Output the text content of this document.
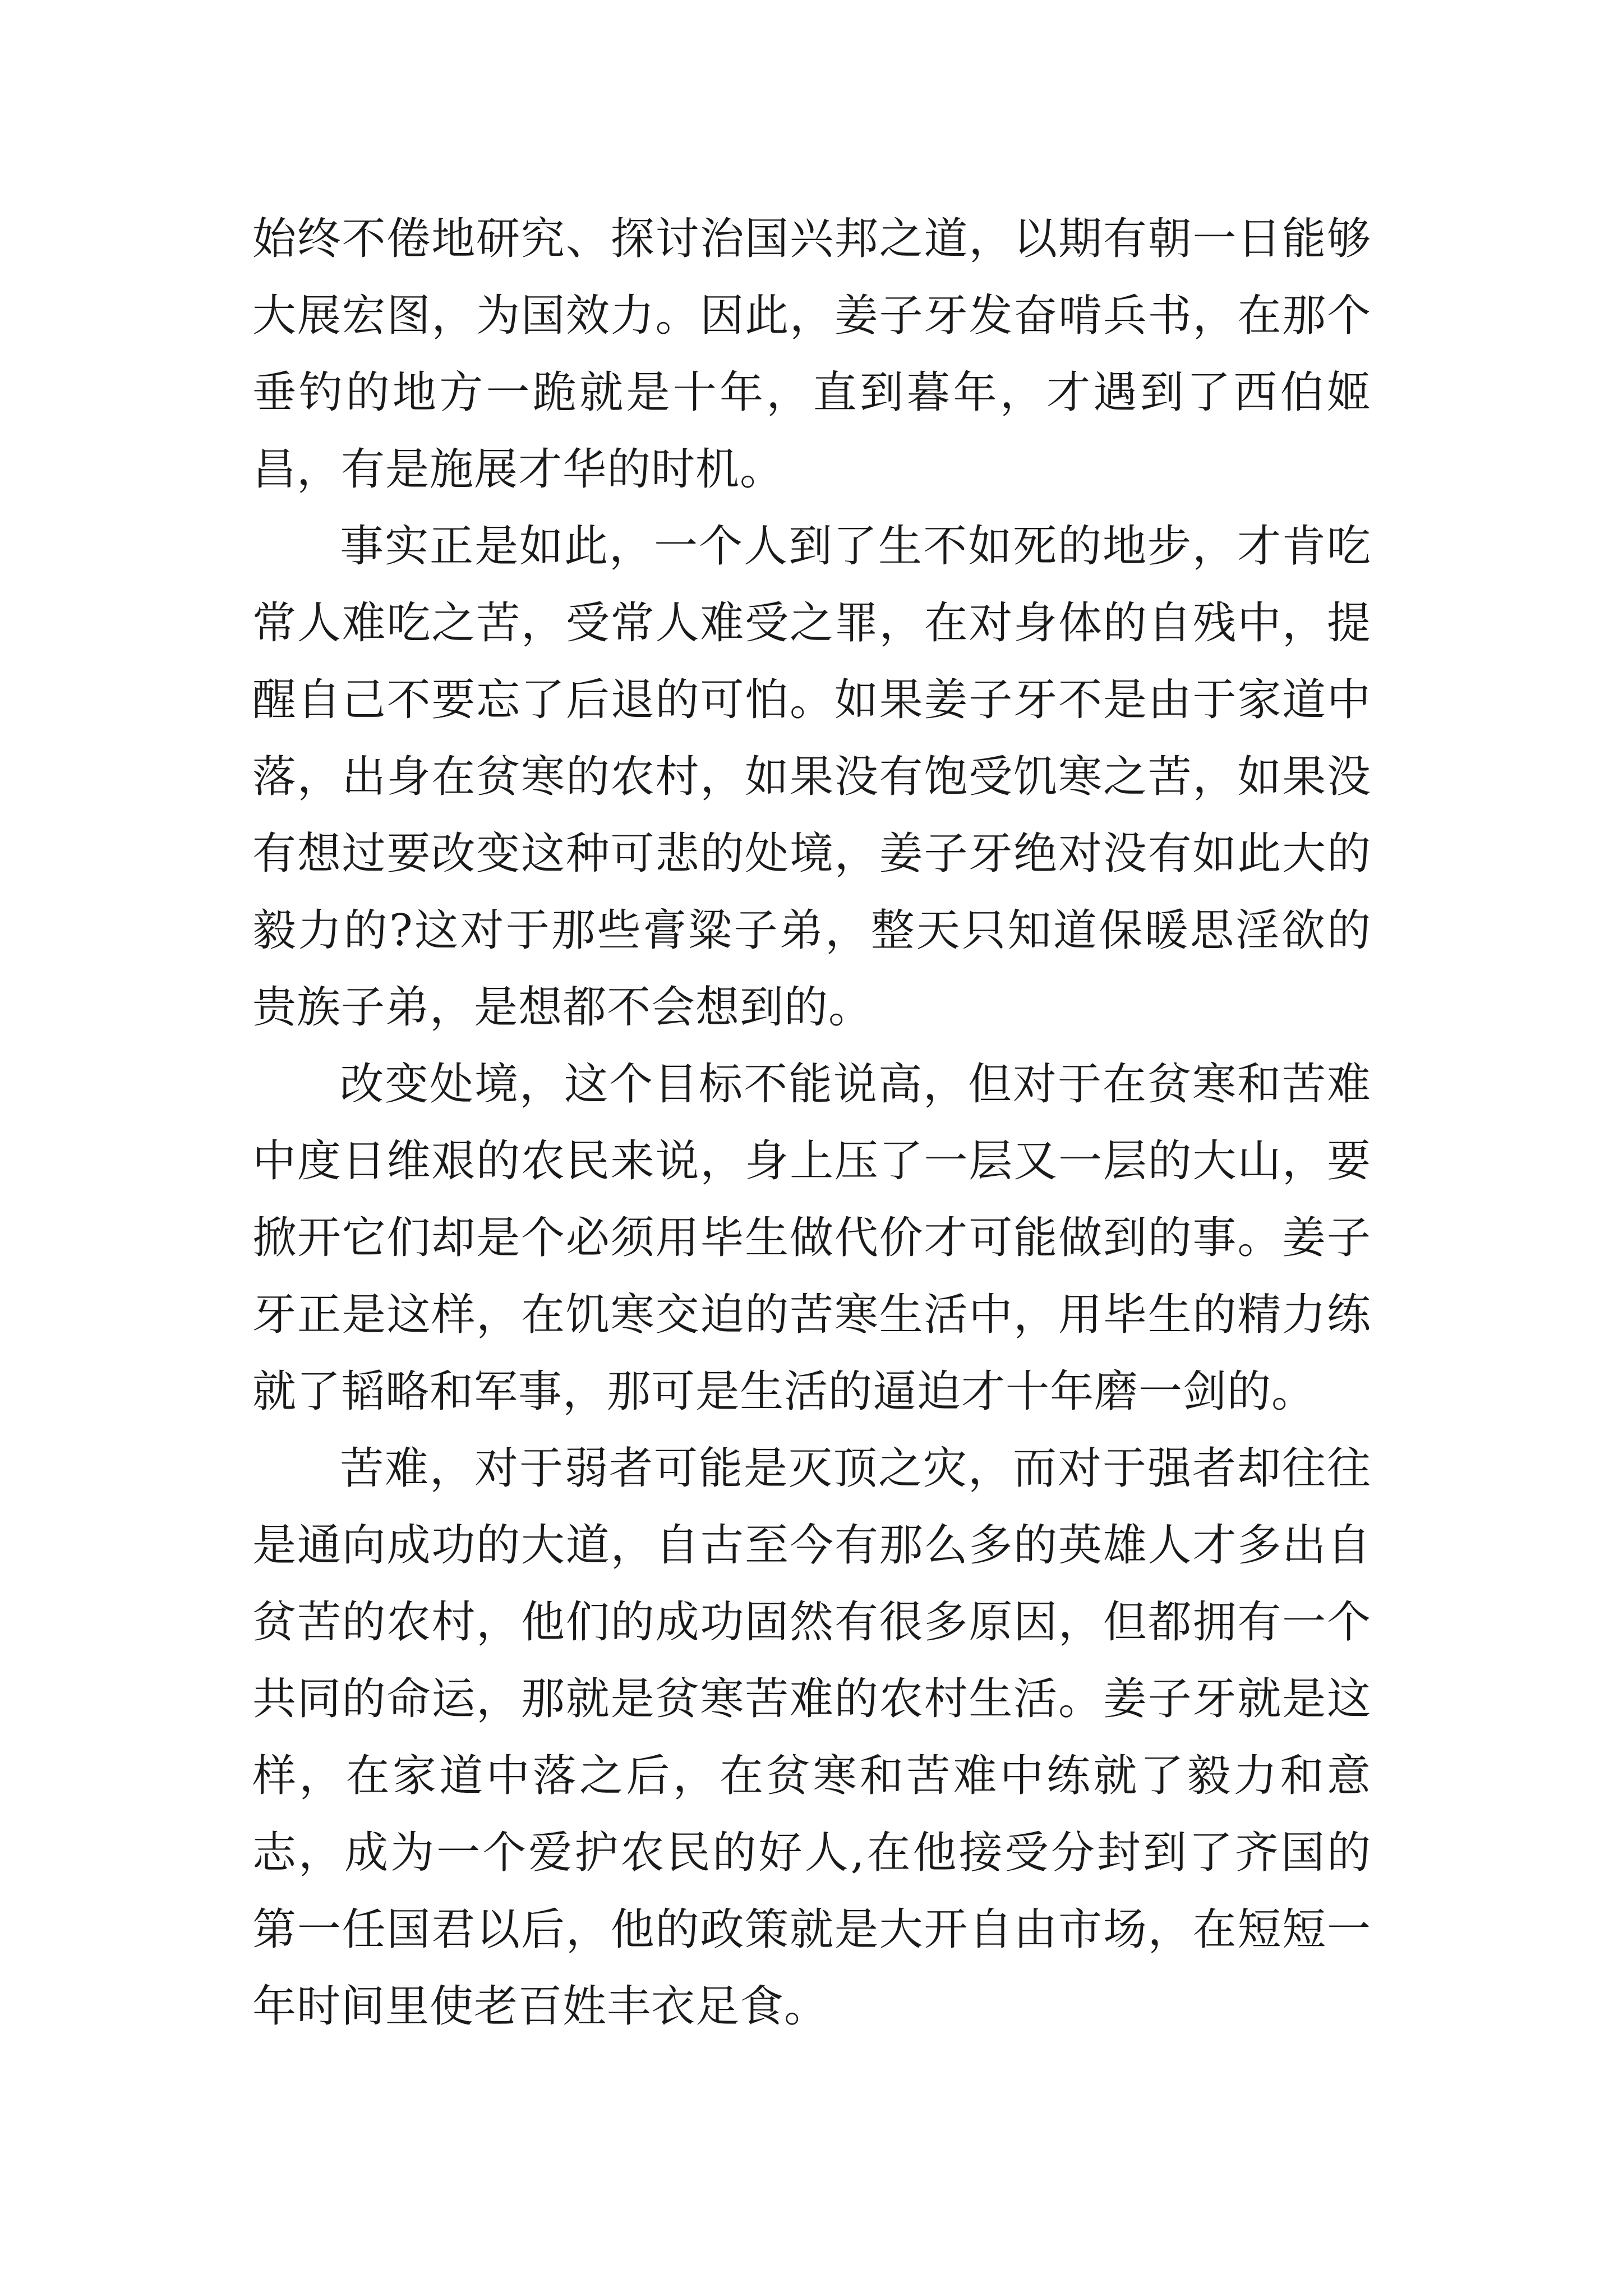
始终不倦地研究、探讨治国兴邦之道，以期有朝一日能够大展宏图，为国效力。因此，姜子牙发奋啃兵书，在那个垂钓的地方一跪就是十年，直到暮年，才遇到了西伯姬昌，有是施展才华的时机。

事实正是如此，一个人到了生不如死的地步，才肯吃常人难吃之苦，受常人难受之罪，在对身体的自残中，提醒自己不要忘了后退的可怕。如果姜子牙不是由于家道中落，出身在贫寒的农村，如果没有饱受饥寒之苦，如果没有想过要改变这种可悲的处境，姜子牙绝对没有如此大的毅力的?这对于那些膏粱子弟，整天只知道保暖思淫欲的贵族子弟，是想都不会想到的。

改变处境，这个目标不能说高，但对于在贫寒和苦难中度日维艰的农民来说，身上压了一层又一层的大山，要掀开它们却是个必须用毕生做代价才可能做到的事。姜子牙正是这样，在饥寒交迫的苦寒生活中，用毕生的精力练就了韬略和军事，那可是生活的逼迫才十年磨一剑的。

苦难，对于弱者可能是灭顶之灾，而对于强者却往往是通向成功的大道，自古至今有那么多的英雄人才多出自贫苦的农村，他们的成功固然有很多原因，但都拥有一个共同的命运，那就是贫寒苦难的农村生活。姜子牙就是这样，在家道中落之后，在贫寒和苦难中练就了毅力和意志，成为一个爱护农民的好人,在他接受分封到了齐国的第一任国君以后，他的政策就是大开自由市场，在短短一年时间里使老百姓丰衣足食。
